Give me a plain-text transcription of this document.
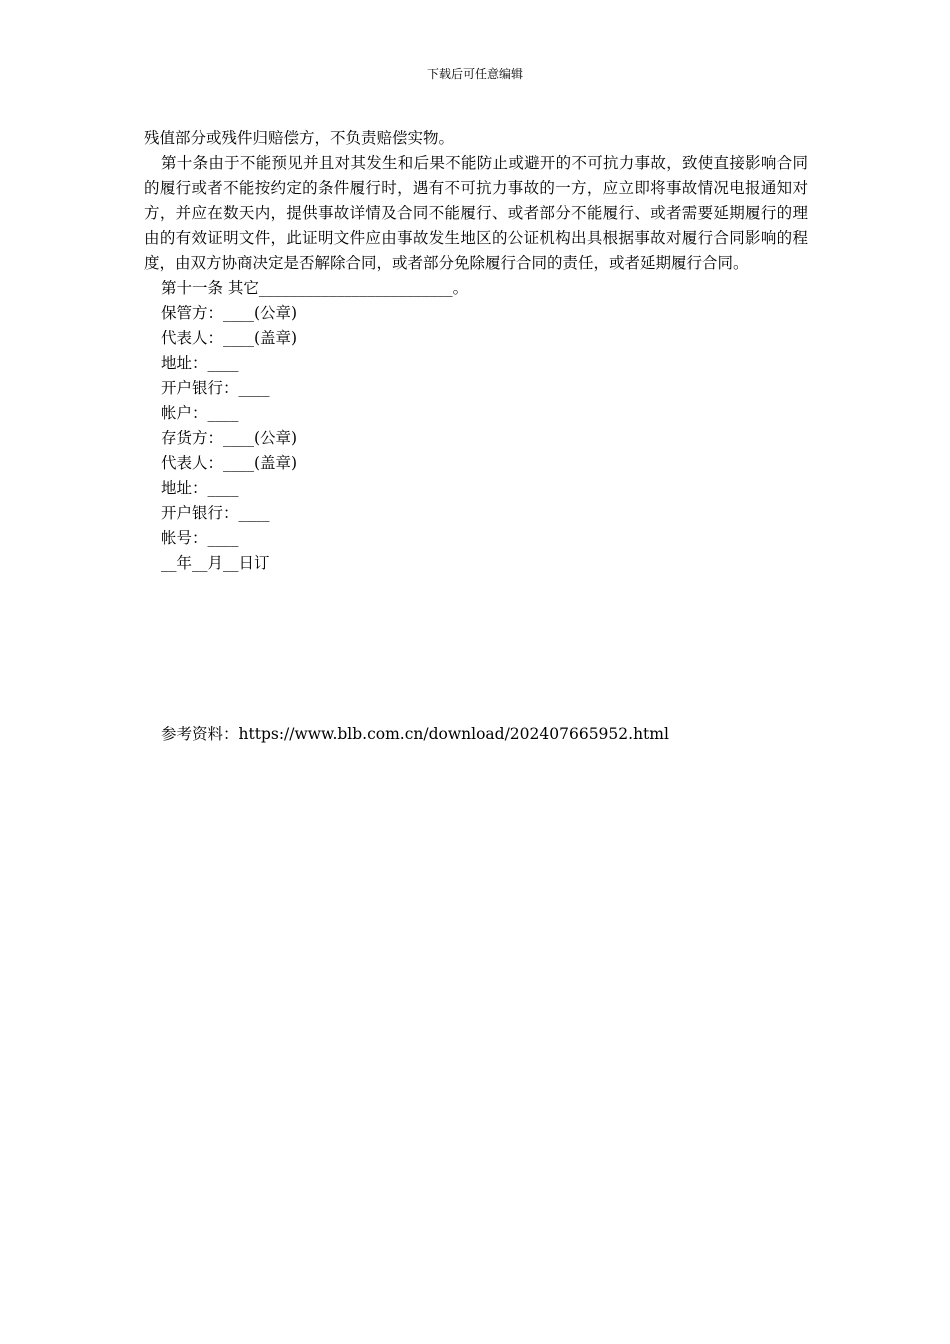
下载后可任意编辑

残值部分或残件归赔偿方，不负责赔偿实物。

第十条由于不能预见并且对其发生和后果不能防止或避开的不可抗力事故，致使直接影响合同的履行或者不能按约定的条件履行时，遇有不可抗力事故的一方，应立即将事故情况电报通知对方，并应在数天内，提供事故详情及合同不能履行、或者部分不能履行、或者需要延期履行的理由的有效证明文件，此证明文件应由事故发生地区的公证机构出具根据事故对履行合同影响的程度，由双方协商决定是否解除合同，或者部分免除履行合同的责任，或者延期履行合同。

第十一条 其它_________________________。

保管方：____(公章)

代表人：____(盖章)

地址：____

开户银行：____

帐户：____

存货方：____(公章)

代表人：____(盖章)

地址：____

开户银行：____

帐号：____

__年__月__日订

参考资料：https://www.blb.com.cn/download/202407665952.html
